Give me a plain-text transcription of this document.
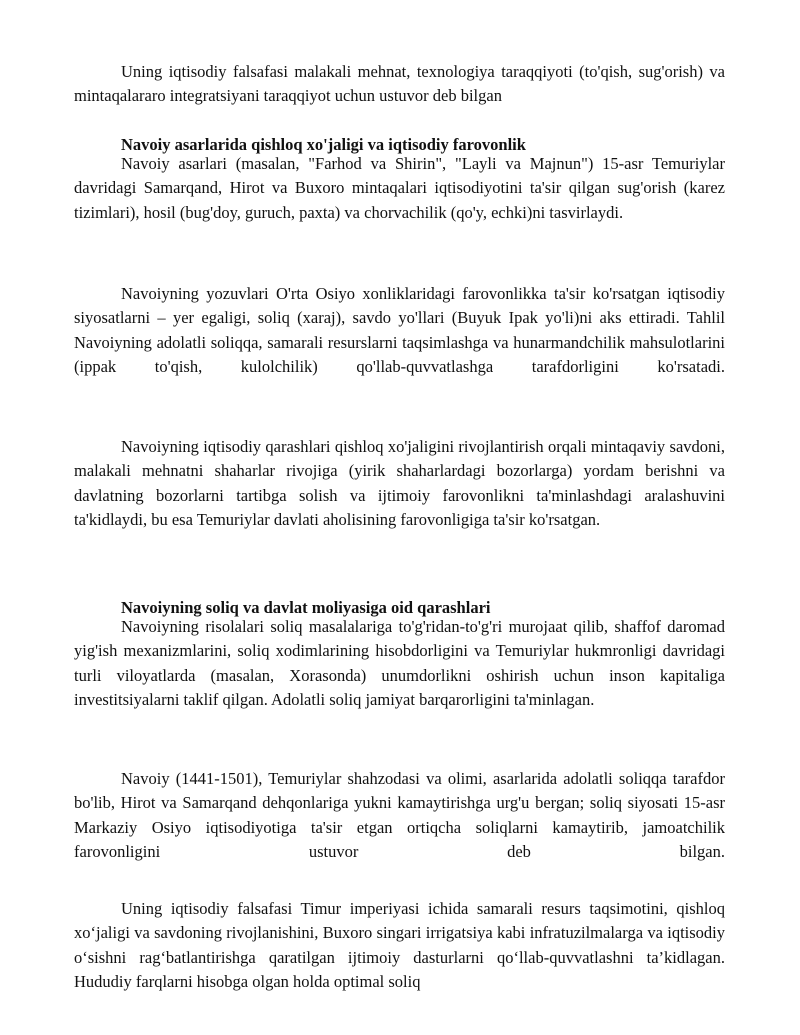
Uning iqtisodiy falsafasi malakali mehnat, texnologiya taraqqiyoti (to'qish, sug'orish) va mintaqalararo integratsiyani taraqqiyot uchun ustuvor deb bilgan

Navoiy asarlarida qishloq xo'jaligi va iqtisodiy farovonlik

Navoiy asarlari (masalan, "Farhod va Shirin", "Layli va Majnun") 15-asr Temuriylar davridagi Samarqand, Hirot va Buxoro mintaqalari iqtisodiyotini ta'sir qilgan sug'orish (karez tizimlari), hosil (bug'doy, guruch, paxta) va chorvachilik (qo'y, echki)ni tasvirlaydi.

Navoiyning yozuvlari O'rta Osiyo xonliklaridagi farovonlikka ta'sir ko'rsatgan iqtisodiy siyosatlarni – yer egaligi, soliq (xaraj), savdo yo'llari (Buyuk Ipak yo'li)ni aks ettiradi. Tahlil Navoiyning adolatli soliqqa, samarali resurslarni taqsimlashga va hunarmandchilik mahsulotlarini (ippak to'qish, kulolchilik) qo'llab-quvvatlashga tarafdorligini ko'rsatadi.

Navoiyning iqtisodiy qarashlari qishloq xo'jaligini rivojlantirish orqali mintaqaviy savdoni, malakali mehnatni shaharlar rivojiga (yirik shaharlardagi bozorlarga) yordam berishni va davlatning bozorlarni tartibga solish va ijtimoiy farovonlikni ta'minlashdagi aralashuvini ta'kidlaydi, bu esa Temuriylar davlati aholisining farovonligiga ta'sir ko'rsatgan.

Navoiyning soliq va davlat moliyasiga oid qarashlari

Navoiyning risolalari soliq masalalariga to'g'ridan-to'g'ri murojaat qilib, shaffof daromad yig'ish mexanizmlarini, soliq xodimlarining hisobdorligini va Temuriylar hukmronligi davridagi turli viloyatlarda (masalan, Xorasonda) unumdorlikni oshirish uchun inson kapitaliga investitsiyalarni taklif qilgan. Adolatli soliq jamiyat barqarorligini ta'minlagan.

Navoiy (1441-1501), Temuriylar shahzodasi va olimi, asarlarida adolatli soliqqa tarafdor bo'lib, Hirot va Samarqand dehqonlariga yukni kamaytirishga urg'u bergan; soliq siyosati 15-asr Markaziy Osiyo iqtisodiyotiga ta'sir etgan ortiqcha soliqlarni kamaytirib, jamoatchilik farovonligini ustuvor deb bilgan.

Uning iqtisodiy falsafasi Timur imperiyasi ichida samarali resurs taqsimotini, qishloq xo‘jaligi va savdoning rivojlanishini, Buxoro singari irrigatsiya kabi infratuzilmalarga va iqtisodiy o‘sishni rag‘batlantirishga qaratilgan ijtimoiy dasturlarni qo‘llab-quvvatlashni ta’kidlagan. Hududiy farqlarni hisobga olgan holda optimal soliq
